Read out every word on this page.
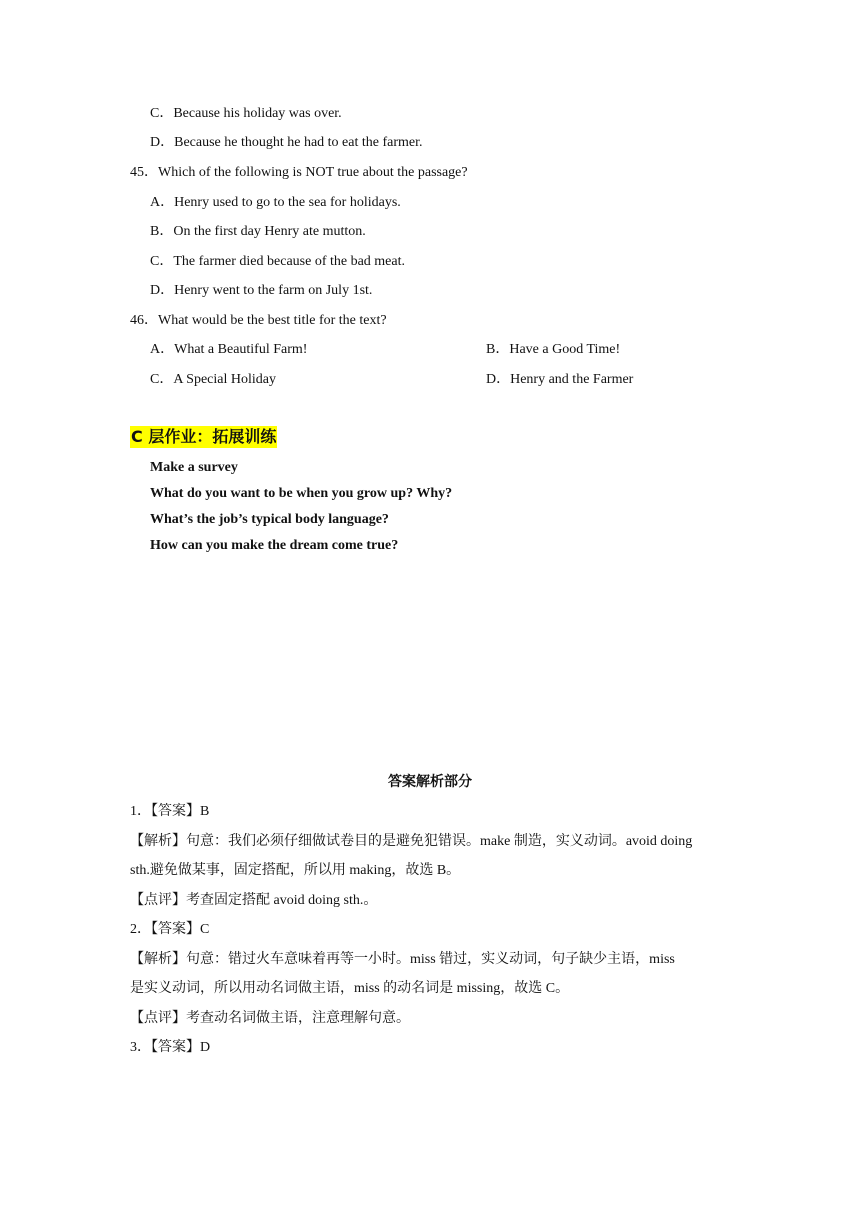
C．Because his holiday was over.
D．Because he thought he had to eat the farmer.
45．Which of the following is NOT true about the passage?
A．Henry used to go to the sea for holidays.
B．On the first day Henry ate mutton.
C．The farmer died because of the bad meat.
D．Henry went to the farm on July 1st.
46．What would be the best title for the text?
A．What a Beautiful Farm!	B．Have a Good Time!
C．A Special Holiday	D．Henry and the Farmer
C 层作业：拓展训练
Make a survey
What do you want to be when you grow up? Why?
What’s the job’s typical body language?
How can you make the dream come true?
答案解析部分
1．【答案】B
【解析】句意：我们必须仔细做试卷目的是避免犯错误。make 制造，实义动词。avoid doing
sth.避免做某事，固定搭配，所以用 making，故选 B。
【点评】考查固定搭配 avoid doing sth.。
2．【答案】C
【解析】句意：错过火车意味着再等一小时。miss 错过，实义动词，句子缺少主语，miss
是实义动词，所以用动名词做主语，miss 的动名词是 missing，故选 C。
【点评】考查动名词做主语，注意理解句意。
3．【答案】D
